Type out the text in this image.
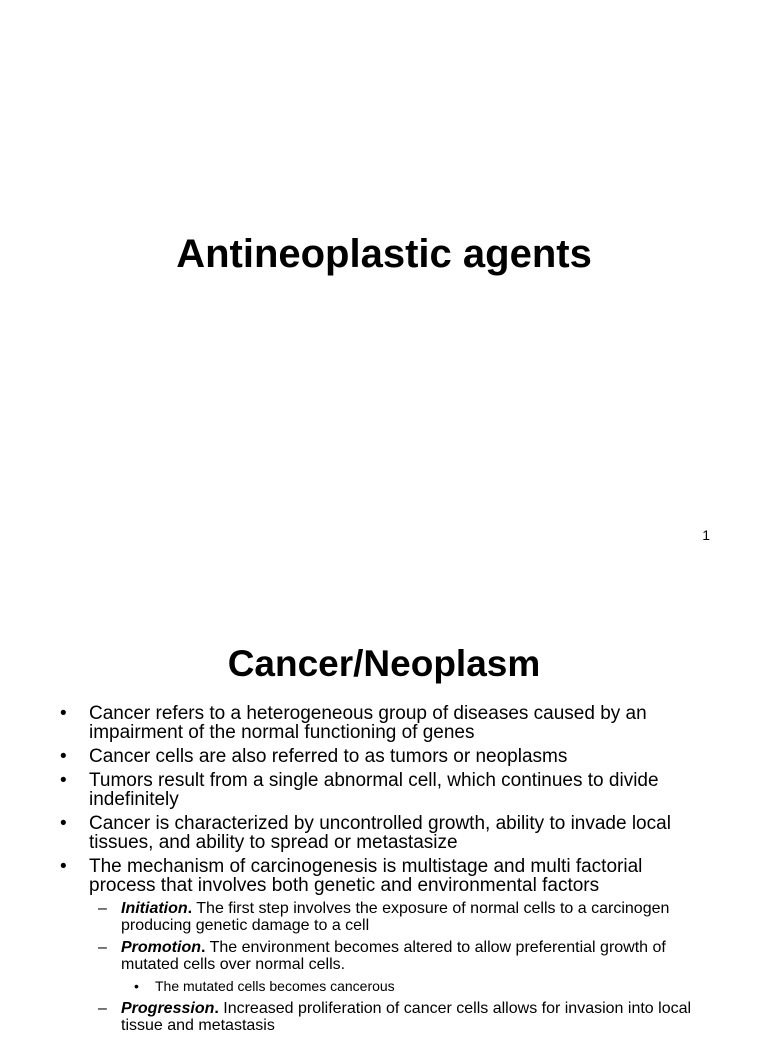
Antineoplastic agents
1
Cancer/Neoplasm
• Cancer refers to a heterogeneous group of diseases caused by an impairment of the normal functioning of genes
• Cancer cells are also referred to as tumors or neoplasms
• Tumors result from a single abnormal cell, which continues to divide indefinitely
• Cancer is characterized by uncontrolled growth, ability to invade local tissues, and ability to spread or metastasize
• The mechanism of carcinogenesis is multistage and multi factorial process that involves both genetic and environmental factors
– Initiation. The first step involves the exposure of normal cells to a carcinogen producing genetic damage to a cell
– Promotion. The environment becomes altered to allow preferential growth of mutated cells over normal cells.
• The mutated cells becomes cancerous
– Progression. Increased proliferation of cancer cells allows for invasion into local tissue and metastasis
